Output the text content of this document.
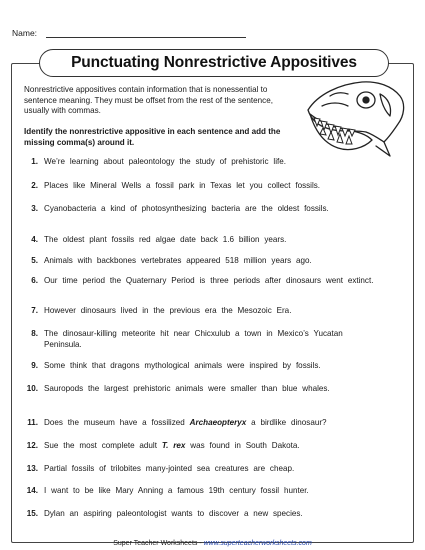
Name:
Punctuating Nonrestrictive Appositives
Nonrestrictive appositives contain information that is nonessential to sentence meaning. They must be offset from the rest of the sentence, usually with commas.
Identify the nonrestrictive appositive in each sentence and add the missing comma(s) around it.
1. We’re learning about paleontology the study of prehistoric life.
2. Places like Mineral Wells a fossil park in Texas let you collect fossils.
3. Cyanobacteria a kind of photosynthesizing bacteria are the oldest fossils.
4. The oldest plant fossils red algae date back 1.6 billion years.
5. Animals with backbones vertebrates appeared 518 million years ago.
6. Our time period the Quaternary Period is three periods after dinosaurs went extinct.
7. However dinosaurs lived in the previous era the Mesozoic Era.
8. The dinosaur-killing meteorite hit near Chicxulub a town in Mexico’s Yucatan Peninsula.
9. Some think that dragons mythological animals were inspired by fossils.
10. Sauropods the largest prehistoric animals were smaller than blue whales.
11. Does the museum have a fossilized Archaeopteryx a birdlike dinosaur?
12. Sue the most complete adult T. rex was found in South Dakota.
13. Partial fossils of trilobites many-jointed sea creatures are cheap.
14. I want to be like Mary Anning a famous 19th century fossil hunter.
15. Dylan an aspiring paleontologist wants to discover a new species.
Super Teacher Worksheets - www.superteacherworksheets.com
